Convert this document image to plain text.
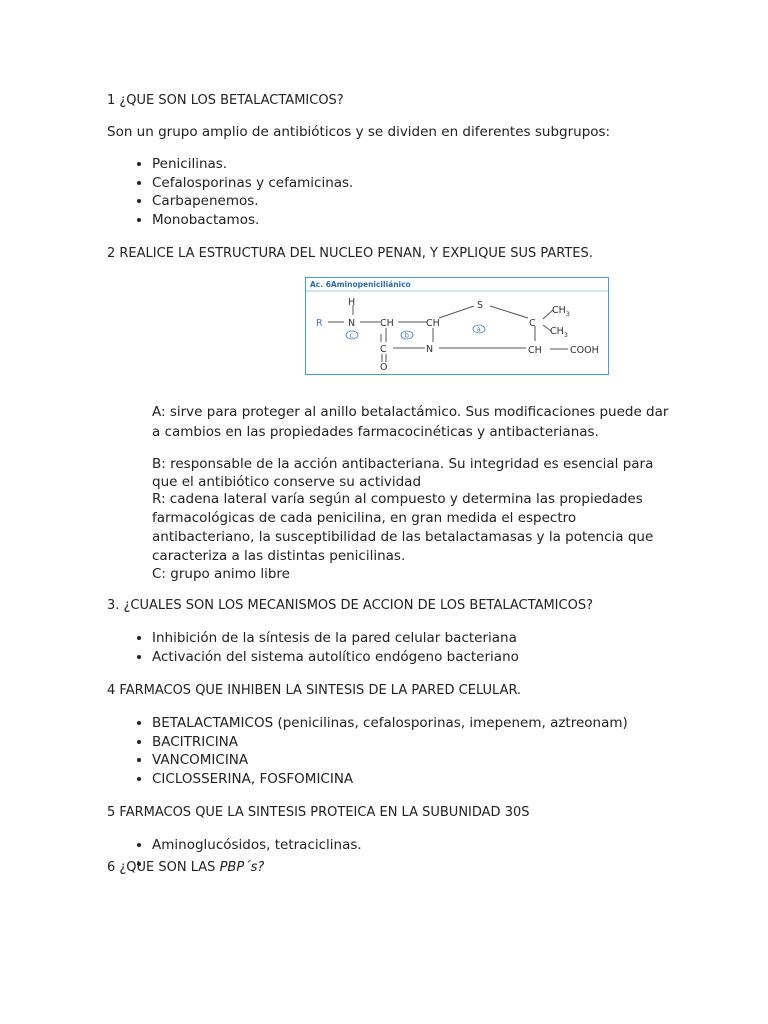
1 ¿QUE SON LOS BETALACTAMICOS?

Son un grupo amplio de antibióticos y se dividen en diferentes subgrupos:

• Penicilinas.
• Cefalosporinas y cefamicinas.
• Carbapenemos.
• Monobactamos.

2 REALICE LA ESTRUCTURA DEL NUCLEO PENAN, Y EXPLIQUE SUS PARTES.

Ac. 6Aminopeniciliánico
H
N
R	CH	CH
C
O
N
S
C
$CH_3$
$CH_3$
CH	COOH
c	b
a

A: sirve para proteger al anillo betalactámico. Sus modificaciones puede dar a cambios en las propiedades farmacocinéticas y antibacterianas.

B: responsable de la acción antibacteriana. Su integridad es esencial para que el antibiótico conserve su actividad

R: cadena lateral varía según al compuesto y determina las propiedades farmacológicas de cada penicilina, en gran medida el espectro antibacteriano, la susceptibilidad de las betalactamasas y la potencia que caracteriza a las distintas penicilinas.

C: grupo animo libre

3. ¿CUALES SON LOS MECANISMOS DE ACCION DE LOS BETALACTAMICOS?

• Inhibición de la síntesis de la pared celular bacteriana
• Activación del sistema autolítico endógeno bacteriano

4 FARMACOS QUE INHIBEN LA SINTESIS DE LA PARED CELULAR.

• BETALACTAMICOS (penicilinas, cefalosporinas, imepenem, aztreonam)
• BACITRICINA
• VANCOMICINA
• CICLOSSERINA, FOSFOMICINA

5 FARMACOS QUE LA SINTESIS PROTEICA EN LA SUBUNIDAD 30S

• Aminoglucósidos, tetraciclinas.
•

6 ¿QUE SON LAS PBP´s?
